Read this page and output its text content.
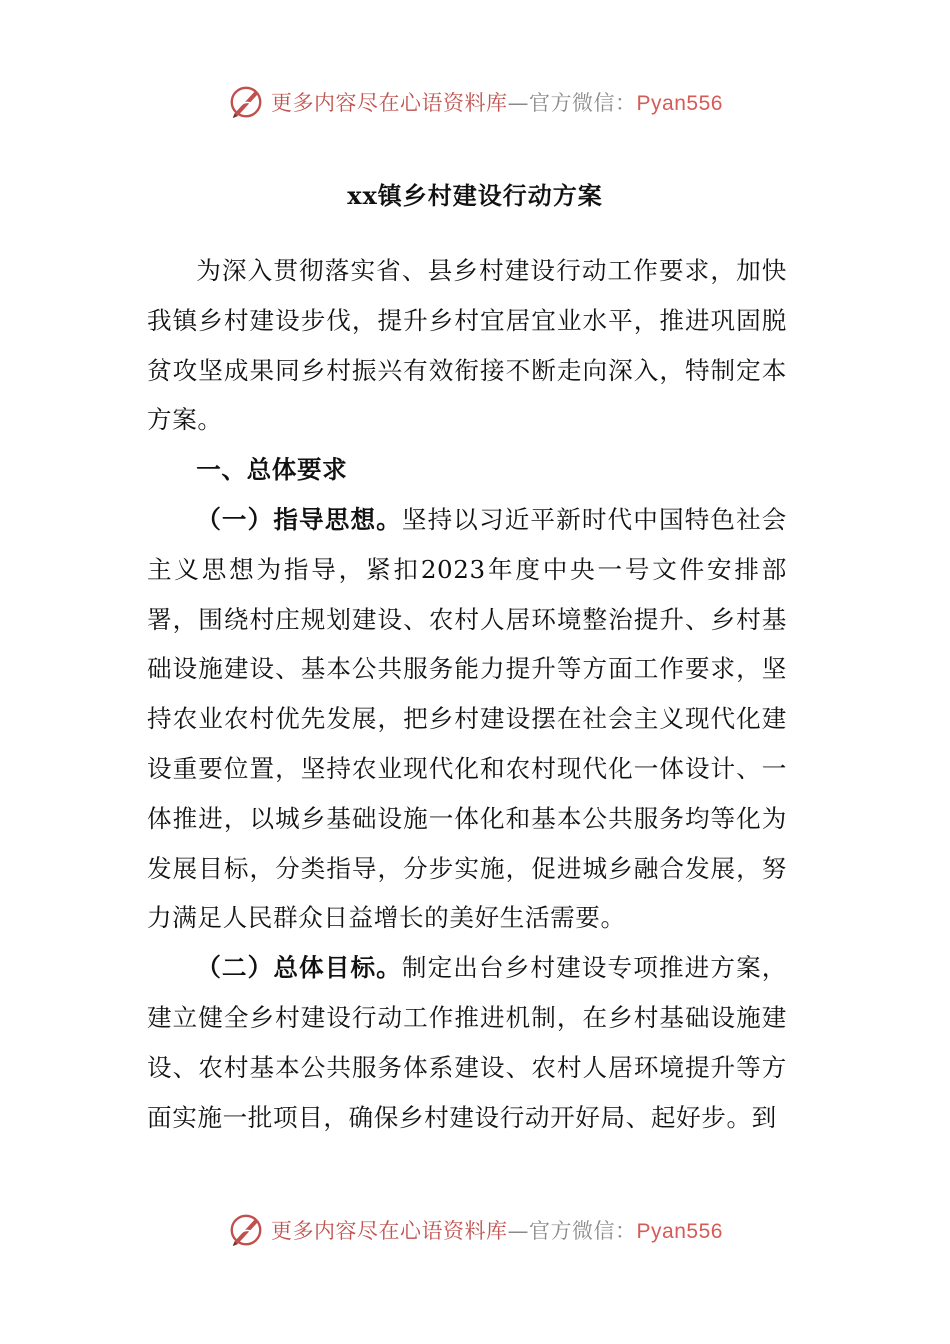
更多内容尽在心语资料库—官方微信：Pyan556
xx镇乡村建设行动方案

为深入贯彻落实省、县乡村建设行动工作要求，加快我镇乡村建设步伐，提升乡村宜居宜业水平，推进巩固脱贫攻坚成果同乡村振兴有效衔接不断走向深入，特制定本方案。

一、总体要求

（一）指导思想。坚持以习近平新时代中国特色社会主义思想为指导，紧扣2023年度中央一号文件安排部署，围绕村庄规划建设、农村人居环境整治提升、乡村基础设施建设、基本公共服务能力提升等方面工作要求，坚持农业农村优先发展，把乡村建设摆在社会主义现代化建设重要位置，坚持农业现代化和农村现代化一体设计、一体推进，以城乡基础设施一体化和基本公共服务均等化为发展目标，分类指导，分步实施，促进城乡融合发展，努力满足人民群众日益增长的美好生活需要。

（二）总体目标。制定出台乡村建设专项推进方案，建立健全乡村建设行动工作推进机制，在乡村基础设施建设、农村基本公共服务体系建设、农村人居环境提升等方面实施一批项目，确保乡村建设行动开好局、起好步。到

更多内容尽在心语资料库—官方微信：Pyan556
